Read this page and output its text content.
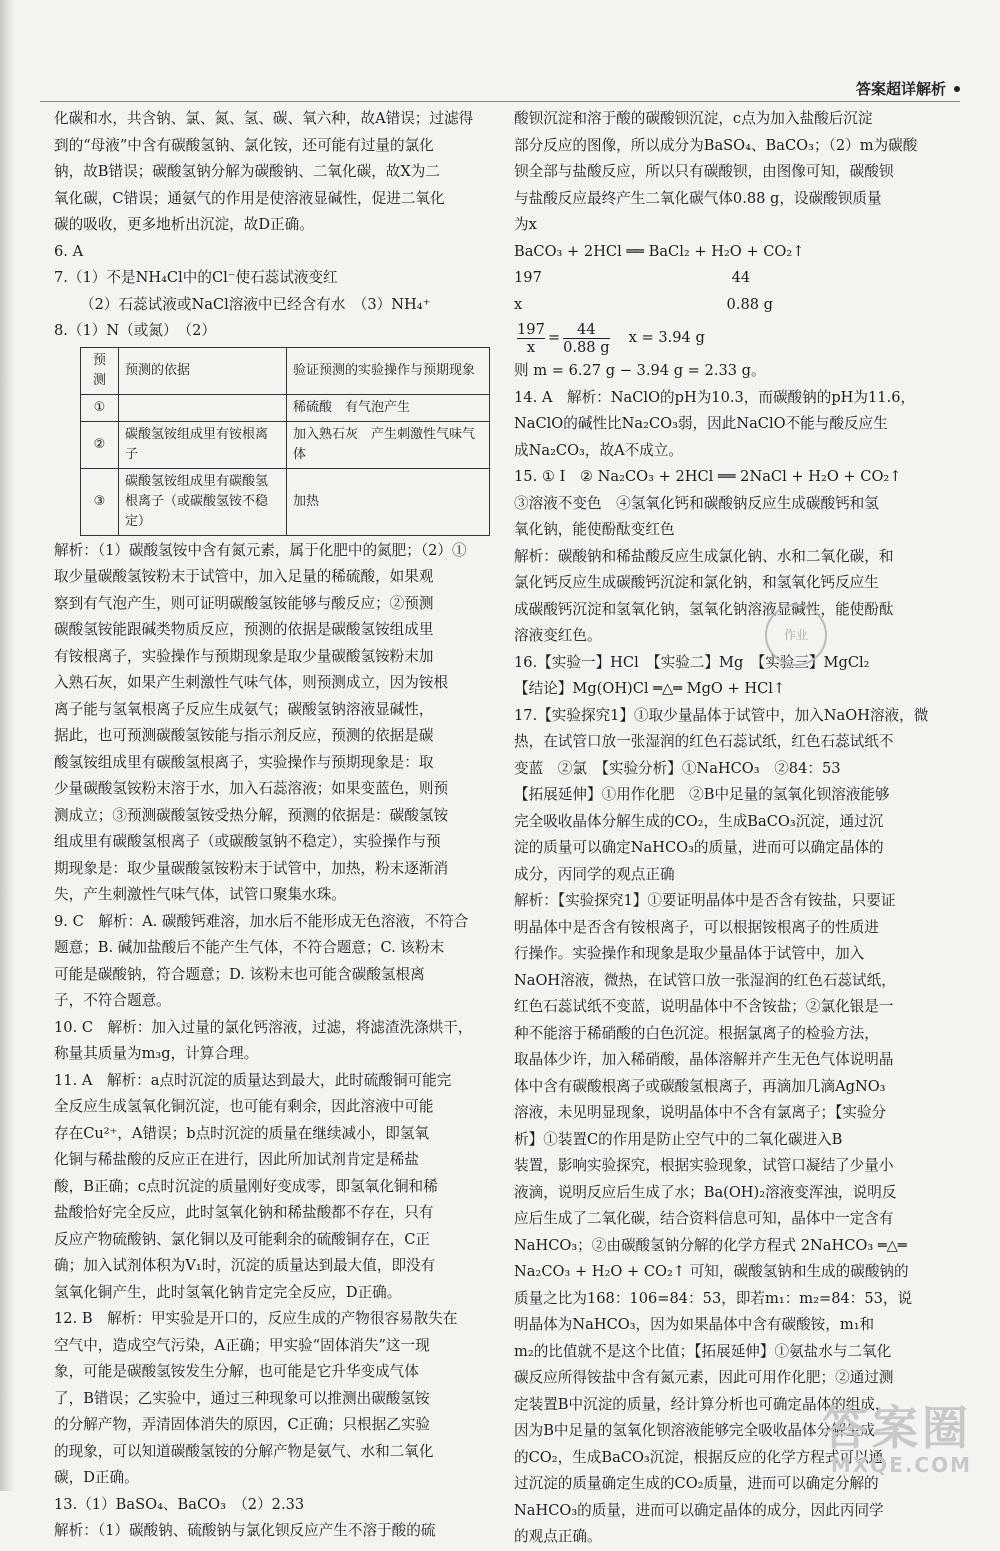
答案超详解析
化碳和水，共含钠、氯、氮、氢、碳、氧六种，故A错误；过滤得
到的“母液”中含有碳酸氢钠、氯化铵，还可能有过量的氯化
钠，故B错误；碳酸氢钠分解为碳酸钠、二氧化碳，故X为二
氧化碳，C错误；通氨气的作用是使溶液显碱性，促进二氧化
碳的吸收，更多地析出沉淀，故D正确。
6. A
7.（1）不是NH₄Cl中的Cl⁻使石蕊试液变红
（2）石蕊试液或NaCl溶液中已经含有水　（3）NH₄⁺
8.（1）N（或氮）　（2）
预测	预测的依据	验证预测的实验操作与预期现象
①		稀硫酸　有气泡产生
②	碳酸氢铵组成里有铵根离子	加入熟石灰　产生刺激性气味气体
③	碳酸氢铵组成里有碳酸氢根离子（或碳酸氢铵不稳定）	加热
解析：（1）碳酸氢铵中含有氮元素，属于化肥中的氮肥；（2）①
取少量碳酸氢铵粉末于试管中，加入足量的稀硫酸，如果观
察到有气泡产生，则可证明碳酸氢铵能够与酸反应；②预测
碳酸氢铵能跟碱类物质反应，预测的依据是碳酸氢铵组成里
有铵根离子，实验操作与预期现象是取少量碳酸氢铵粉末加
入熟石灰，如果产生刺激性气味气体，则预测成立，因为铵根
离子能与氢氧根离子反应生成氨气；碳酸氢钠溶液显碱性，
据此，也可预测碳酸氢铵能与指示剂反应，预测的依据是碳
酸氢铵组成里有碳酸氢根离子，实验操作与预期现象是：取
少量碳酸氢铵粉末溶于水，加入石蕊溶液；如果变蓝色，则预
测成立；③预测碳酸氢铵受热分解，预测的依据是：碳酸氢铵
组成里有碳酸氢根离子（或碳酸氢钠不稳定），实验操作与预
期现象是：取少量碳酸氢铵粉末于试管中，加热，粉末逐渐消
失，产生刺激性气味气体，试管口聚集水珠。
9. C　解析：A. 碳酸钙难溶，加水后不能形成无色溶液，不符合
题意；B. 碱加盐酸后不能产生气体，不符合题意；C. 该粉末
可能是碳酸钠，符合题意；D. 该粉末也可能含碳酸氢根离
子，不符合题意。
10. C　解析：加入过量的氯化钙溶液，过滤，将滤渣洗涤烘干，
称量其质量为m₃g，计算合理。
11. A　解析：a点时沉淀的质量达到最大，此时硫酸铜可能完
全反应生成氢氧化铜沉淀，也可能有剩余，因此溶液中可能
存在Cu²⁺，A错误；b点时沉淀的质量在继续减小，即氢氧
化铜与稀盐酸的反应正在进行，因此所加试剂肯定是稀盐
酸，B正确；c点时沉淀的质量刚好变成零，即氢氧化铜和稀
盐酸恰好完全反应，此时氢氧化钠和稀盐酸都不存在，只有
反应产物硫酸钠、氯化铜以及可能剩余的硫酸铜存在，C正
确；加入试剂体积为V₁时，沉淀的质量达到最大值，即没有
氢氧化铜产生，此时氢氧化钠肯定完全反应，D正确。
12. B　解析：甲实验是开口的，反应生成的产物很容易散失在
空气中，造成空气污染，A正确；甲实验“固体消失”这一现
象，可能是碳酸氢铵发生分解，也可能是它升华变成气体
了，B错误；乙实验中，通过三种现象可以推测出碳酸氢铵
的分解产物，弄清固体消失的原因，C正确；只根据乙实验
的现象，可以知道碳酸氢铵的分解产物是氨气、水和二氧化
碳，D正确。
13.（1）BaSO₄、BaCO₃　（2）2.33
解析：（1）碳酸钠、硫酸钠与氯化钡反应产生不溶于酸的硫
酸钡沉淀和溶于酸的碳酸钡沉淀，c点为加入盐酸后沉淀
部分反应的图像，所以成分为BaSO₄、BaCO₃；（2）m为碳酸
钡全部与盐酸反应，所以只有碳酸钡，由图像可知，碳酸钡
与盐酸反应最终产生二氧化碳气体0.88 g，设碳酸钡质量
为x
BaCO₃ + 2HCl ══ BaCl₂ + H₂O + CO₂↑
197　　　　　　　　　　　　　44
x　　　　　　　　　　　　　　0.88 g
$\frac{197}{x} = \frac{44}{0.88 g}$ x = 3.94 g
则 m = 6.27 g − 3.94 g = 2.33 g。
14. A　解析：NaClO的pH为10.3，而碳酸钠的pH为11.6，
NaClO的碱性比Na₂CO₃弱，因此NaClO不能与酸反应生
成Na₂CO₃，故A不成立。
15. ① Ⅰ　② Na₂CO₃ + 2HCl ══ 2NaCl + H₂O + CO₂↑
③溶液不变色　④氢氧化钙和碳酸钠反应生成碳酸钙和氢
氧化钠，能使酚酞变红色
解析：碳酸钠和稀盐酸反应生成氯化钠、水和二氧化碳，和
氯化钙反应生成碳酸钙沉淀和氯化钠，和氢氧化钙反应生
成碳酸钙沉淀和氢氧化钠，氢氧化钠溶液显碱性，能使酚酞
溶液变红色。
16.【实验一】HCl　【实验二】Mg　【实验三】MgCl₂
【结论】Mg(OH)Cl ═△═ MgO + HCl↑
17.【实验探究1】①取少量晶体于试管中，加入NaOH溶液，微
热，在试管口放一张湿润的红色石蕊试纸，红色石蕊试纸不
变蓝　②氯　【实验分析】①NaHCO₃　②84：53
【拓展延伸】①用作化肥　②B中足量的氢氧化钡溶液能够
完全吸收晶体分解生成的CO₂，生成BaCO₃沉淀，通过沉
淀的质量可以确定NaHCO₃的质量，进而可以确定晶体的
成分，丙同学的观点正确
解析：【实验探究1】①要证明晶体中是否含有铵盐，只要证
明晶体中是否含有铵根离子，可以根据铵根离子的性质进
行操作。实验操作和现象是取少量晶体于试管中，加入
NaOH溶液，微热，在试管口放一张湿润的红色石蕊试纸，
红色石蕊试纸不变蓝，说明晶体中不含铵盐；②氯化银是一
种不能溶于稀硝酸的白色沉淀。根据氯离子的检验方法，
取晶体少许，加入稀硝酸，晶体溶解并产生无色气体说明晶
体中含有碳酸根离子或碳酸氢根离子，再滴加几滴AgNO₃
溶液，未见明显现象，说明晶体中不含有氯离子；【实验分
析】①装置C的作用是防止空气中的二氧化碳进入B
装置，影响实验探究，根据实验现象，试管口凝结了少量小
液滴，说明反应后生成了水；Ba(OH)₂溶液变浑浊，说明反
应后生成了二氧化碳，结合资料信息可知，晶体中一定含有
NaHCO₃；②由碳酸氢钠分解的化学方程式 2NaHCO₃ ═△═
Na₂CO₃ + H₂O + CO₂↑ 可知，碳酸氢钠和生成的碳酸钠的
质量之比为168：106=84：53，即若m₁：m₂=84：53，说
明晶体为NaHCO₃，因为如果晶体中含有碳酸铵，m₁和
m₂的比值就不是这个比值；【拓展延伸】①氨盐水与二氧化
碳反应所得铵盐中含有氮元素，因此可用作化肥；②通过测
定装置B中沉淀的质量，经计算分析也可确定晶体的组成，
因为B中足量的氢氧化钡溶液能够完全吸收晶体分解生成
的CO₂，生成BaCO₃沉淀，根据反应的化学方程式可以通
过沉淀的质量确定生成的CO₂质量，进而可以确定分解的
NaHCO₃的质量，进而可以确定晶体的成分，因此丙同学
的观点正确。
作业
答案圈
MXQE.COM
